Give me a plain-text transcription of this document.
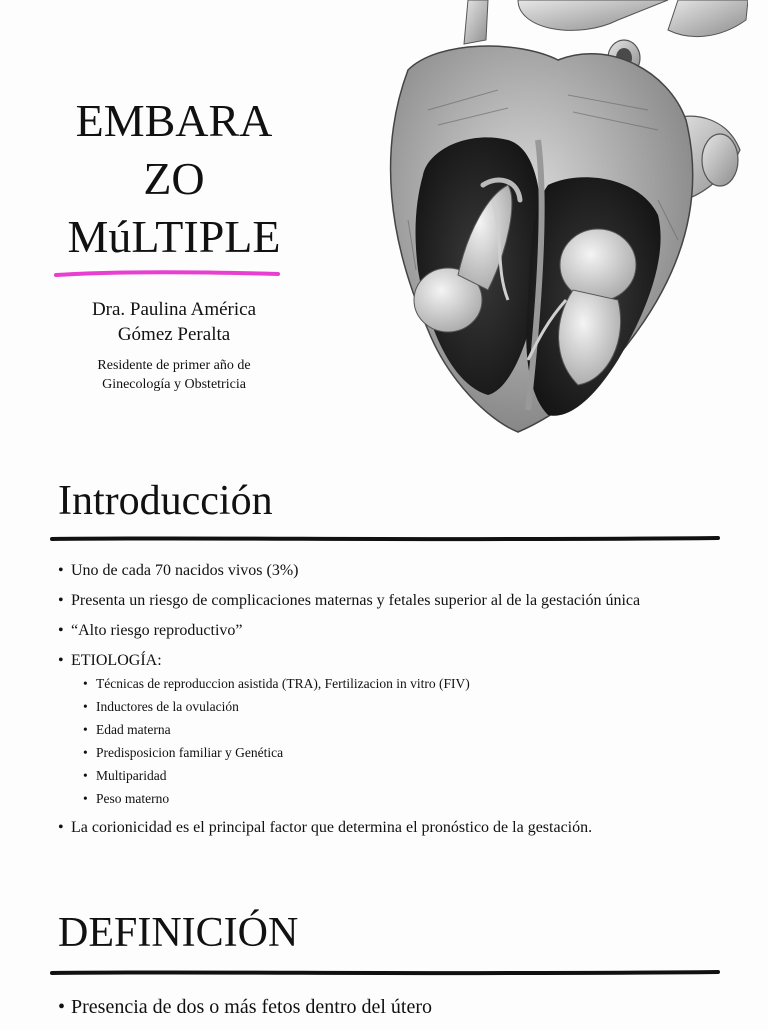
EMBARA
ZO
MúLTIPLE
Dra. Paulina América
Gómez Peralta
Residente de primer año de
Ginecología y Obstetricia
Introducción
• Uno de cada 70 nacidos vivos (3%)
• Presenta un riesgo de complicaciones maternas y fetales superior al de la gestación única
• “Alto riesgo reproductivo”
• ETIOLOGÍA:
• Técnicas de reproduccion asistida (TRA), Fertilizacion in vitro (FIV)
• Inductores de la ovulación
• Edad materna
• Predisposicion familiar y Genética
• Multiparidad
• Peso materno
• La corionicidad es el principal factor que determina el pronóstico de la gestación.
DEFINICIÓN
• Presencia de dos o más fetos dentro del útero
